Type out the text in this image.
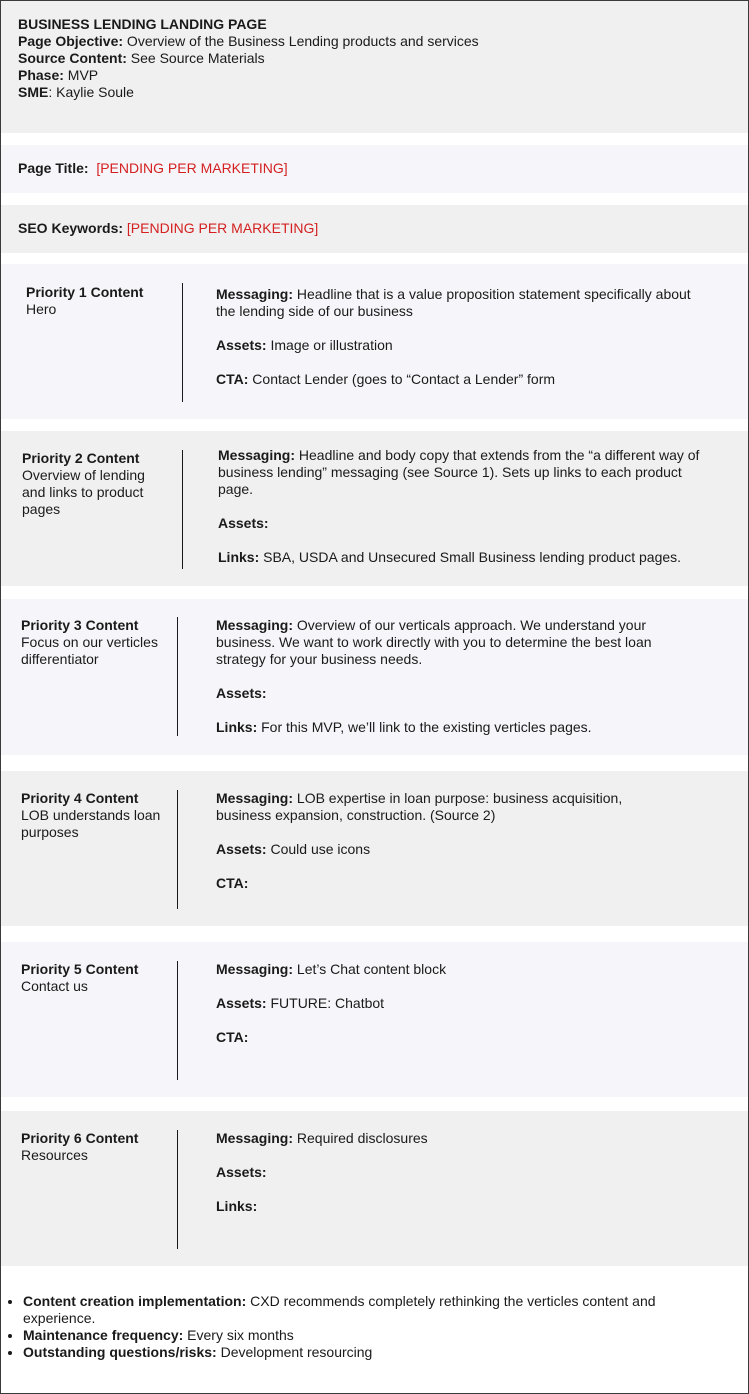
BUSINESS LENDING LANDING PAGE
Page Objective: Overview of the Business Lending products and services
Source Content: See Source Materials
Phase: MVP
SME: Kaylie Soule
Page Title: [PENDING PER MARKETING]
SEO Keywords: [PENDING PER MARKETING]
Priority 1 Content
Hero

Messaging: Headline that is a value proposition statement specifically about the lending side of our business

Assets: Image or illustration

CTA: Contact Lender (goes to “Contact a Lender” form

Priority 2 Content
Overview of lending and links to product pages

Messaging: Headline and body copy that extends from the “a different way of business lending” messaging (see Source 1). Sets up links to each product page.

Assets:

Links: SBA, USDA and Unsecured Small Business lending product pages.

Priority 3 Content
Focus on our verticles differentiator

Messaging: Overview of our verticals approach. We understand your business. We want to work directly with you to determine the best loan strategy for your business needs.

Assets:

Links: For this MVP, we’ll link to the existing verticles pages.

Priority 4 Content
LOB understands loan purposes

Messaging: LOB expertise in loan purpose: business acquisition, business expansion, construction. (Source 2)

Assets: Could use icons

CTA:

Priority 5 Content
Contact us

Messaging: Let’s Chat content block

Assets: FUTURE: Chatbot

CTA:

Priority 6 Content
Resources

Messaging: Required disclosures

Assets:

Links:

• Content creation implementation: CXD recommends completely rethinking the verticles content and experience.
• Maintenance frequency: Every six months
• Outstanding questions/risks: Development resourcing
